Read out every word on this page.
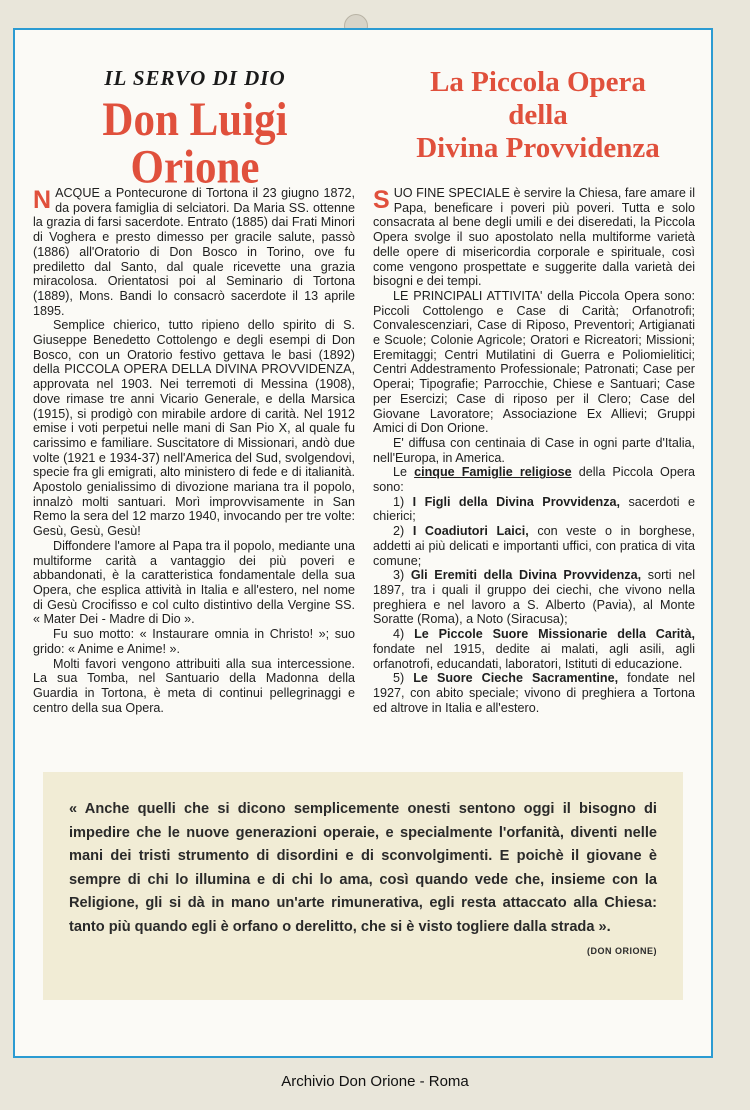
IL SERVO DI DIO
Don Luigi Orione
La Piccola Opera
della
Divina Provvidenza

NACQUE a Pontecurone di Tortona il 23 giugno 1872, da povera famiglia di selciatori. Da Maria SS. ottenne la grazia di farsi sacerdote. Entrato (1885) dai Frati Minori di Voghera e presto dimesso per gracile salute, passò (1886) all'Oratorio di Don Bosco in Torino, ove fu prediletto dal Santo, dal quale ricevette una grazia miracolosa. Orientatosi poi al Seminario di Tortona (1889), Mons. Bandi lo consacrò sacerdote il 13 aprile 1895.

Semplice chierico, tutto ripieno dello spirito di S. Giuseppe Benedetto Cottolengo e degli esempi di Don Bosco, con un Oratorio festivo gettava le basi (1892) della PICCOLA OPERA DELLA DIVINA PROVVIDENZA, approvata nel 1903. Nei terremoti di Messina (1908), dove rimase tre anni Vicario Generale, e della Marsica (1915), si prodigò con mirabile ardore di carità. Nel 1912 emise i voti perpetui nelle mani di San Pio X, al quale fu carissimo e familiare. Suscitatore di Missionari, andò due volte (1921 e 1934-37) nell'America del Sud, svolgendovi, specie fra gli emigrati, alto ministero di fede e di italianità. Apostolo genialissimo di divozione mariana tra il popolo, innalzò molti santuari. Morì improvvisamente in San Remo la sera del 12 marzo 1940, invocando per tre volte: Gesù, Gesù, Gesù!

Diffondere l'amore al Papa tra il popolo, mediante una multiforme carità a vantaggio dei più poveri e abbandonati, è la caratteristica fondamentale della sua Opera, che esplica attività in Italia e all'estero, nel nome di Gesù Crocifisso e col culto distintivo della Vergine SS. « Mater Dei - Madre di Dio ».

Fu suo motto: « Instaurare omnia in Christo! »; suo grido: « Anime e Anime! ».

Molti favori vengono attribuiti alla sua intercessione. La sua Tomba, nel Santuario della Madonna della Guardia in Tortona, è meta di continui pellegrinaggi e centro della sua Opera.

SUO FINE SPECIALE è servire la Chiesa, fare amare il Papa, beneficare i poveri più poveri. Tutta e solo consacrata al bene degli umili e dei diseredati, la Piccola Opera svolge il suo apostolato nella multiforme varietà delle opere di misericordia corporale e spirituale, così come vengono prospettate e suggerite dalla varietà dei bisogni e dei tempi.

LE PRINCIPALI ATTIVITA' della Piccola Opera sono: Piccoli Cottolengo e Case di Carità; Orfanotrofi; Convalescenziari, Case di Riposo, Preventori; Artigianati e Scuole; Colonie Agricole; Oratori e Ricreatori; Missioni; Eremitaggi; Centri Mutilatini di Guerra e Poliomielitici; Centri Addestramento Professionale; Patronati; Case per Operai; Tipografie; Parrocchie, Chiese e Santuari; Case per Esercizi; Case di riposo per il Clero; Case del Giovane Lavoratore; Associazione Ex Allievi; Gruppi Amici di Don Orione.

E' diffusa con centinaia di Case in ogni parte d'Italia, nell'Europa, in America.

Le cinque Famiglie religiose della Piccola Opera sono:

1) I Figli della Divina Provvidenza, sacerdoti e chierici;

2) I Coadiutori Laici, con veste o in borghese, addetti ai più delicati e importanti uffici, con pratica di vita comune;

3) Gli Eremiti della Divina Provvidenza, sorti nel 1897, tra i quali il gruppo dei ciechi, che vivono nella preghiera e nel lavoro a S. Alberto (Pavia), al Monte Soratte (Roma), a Noto (Siracusa);

4) Le Piccole Suore Missionarie della Carità, fondate nel 1915, dedite ai malati, agli asili, agli orfanotrofi, educandati, laboratori, Istituti di educazione.

5) Le Suore Cieche Sacramentine, fondate nel 1927, con abito speciale; vivono di preghiera a Tortona ed altrove in Italia e all'estero.

« Anche quelli che si dicono semplicemente onesti sentono oggi il bisogno di impedire che le nuove generazioni operaie, e specialmente l'orfanità, diventi nelle mani dei tristi strumento di disordini e di sconvolgimenti. E poichè il giovane è sempre di chi lo illumina e di chi lo ama, così quando vede che, insieme con la Religione, gli si dà in mano un'arte rimunerativa, egli resta attaccato alla Chiesa: tanto più quando egli è orfano o derelitto, che si è visto togliere dalla strada ».
(DON ORIONE)
Archivio Don Orione - Roma
